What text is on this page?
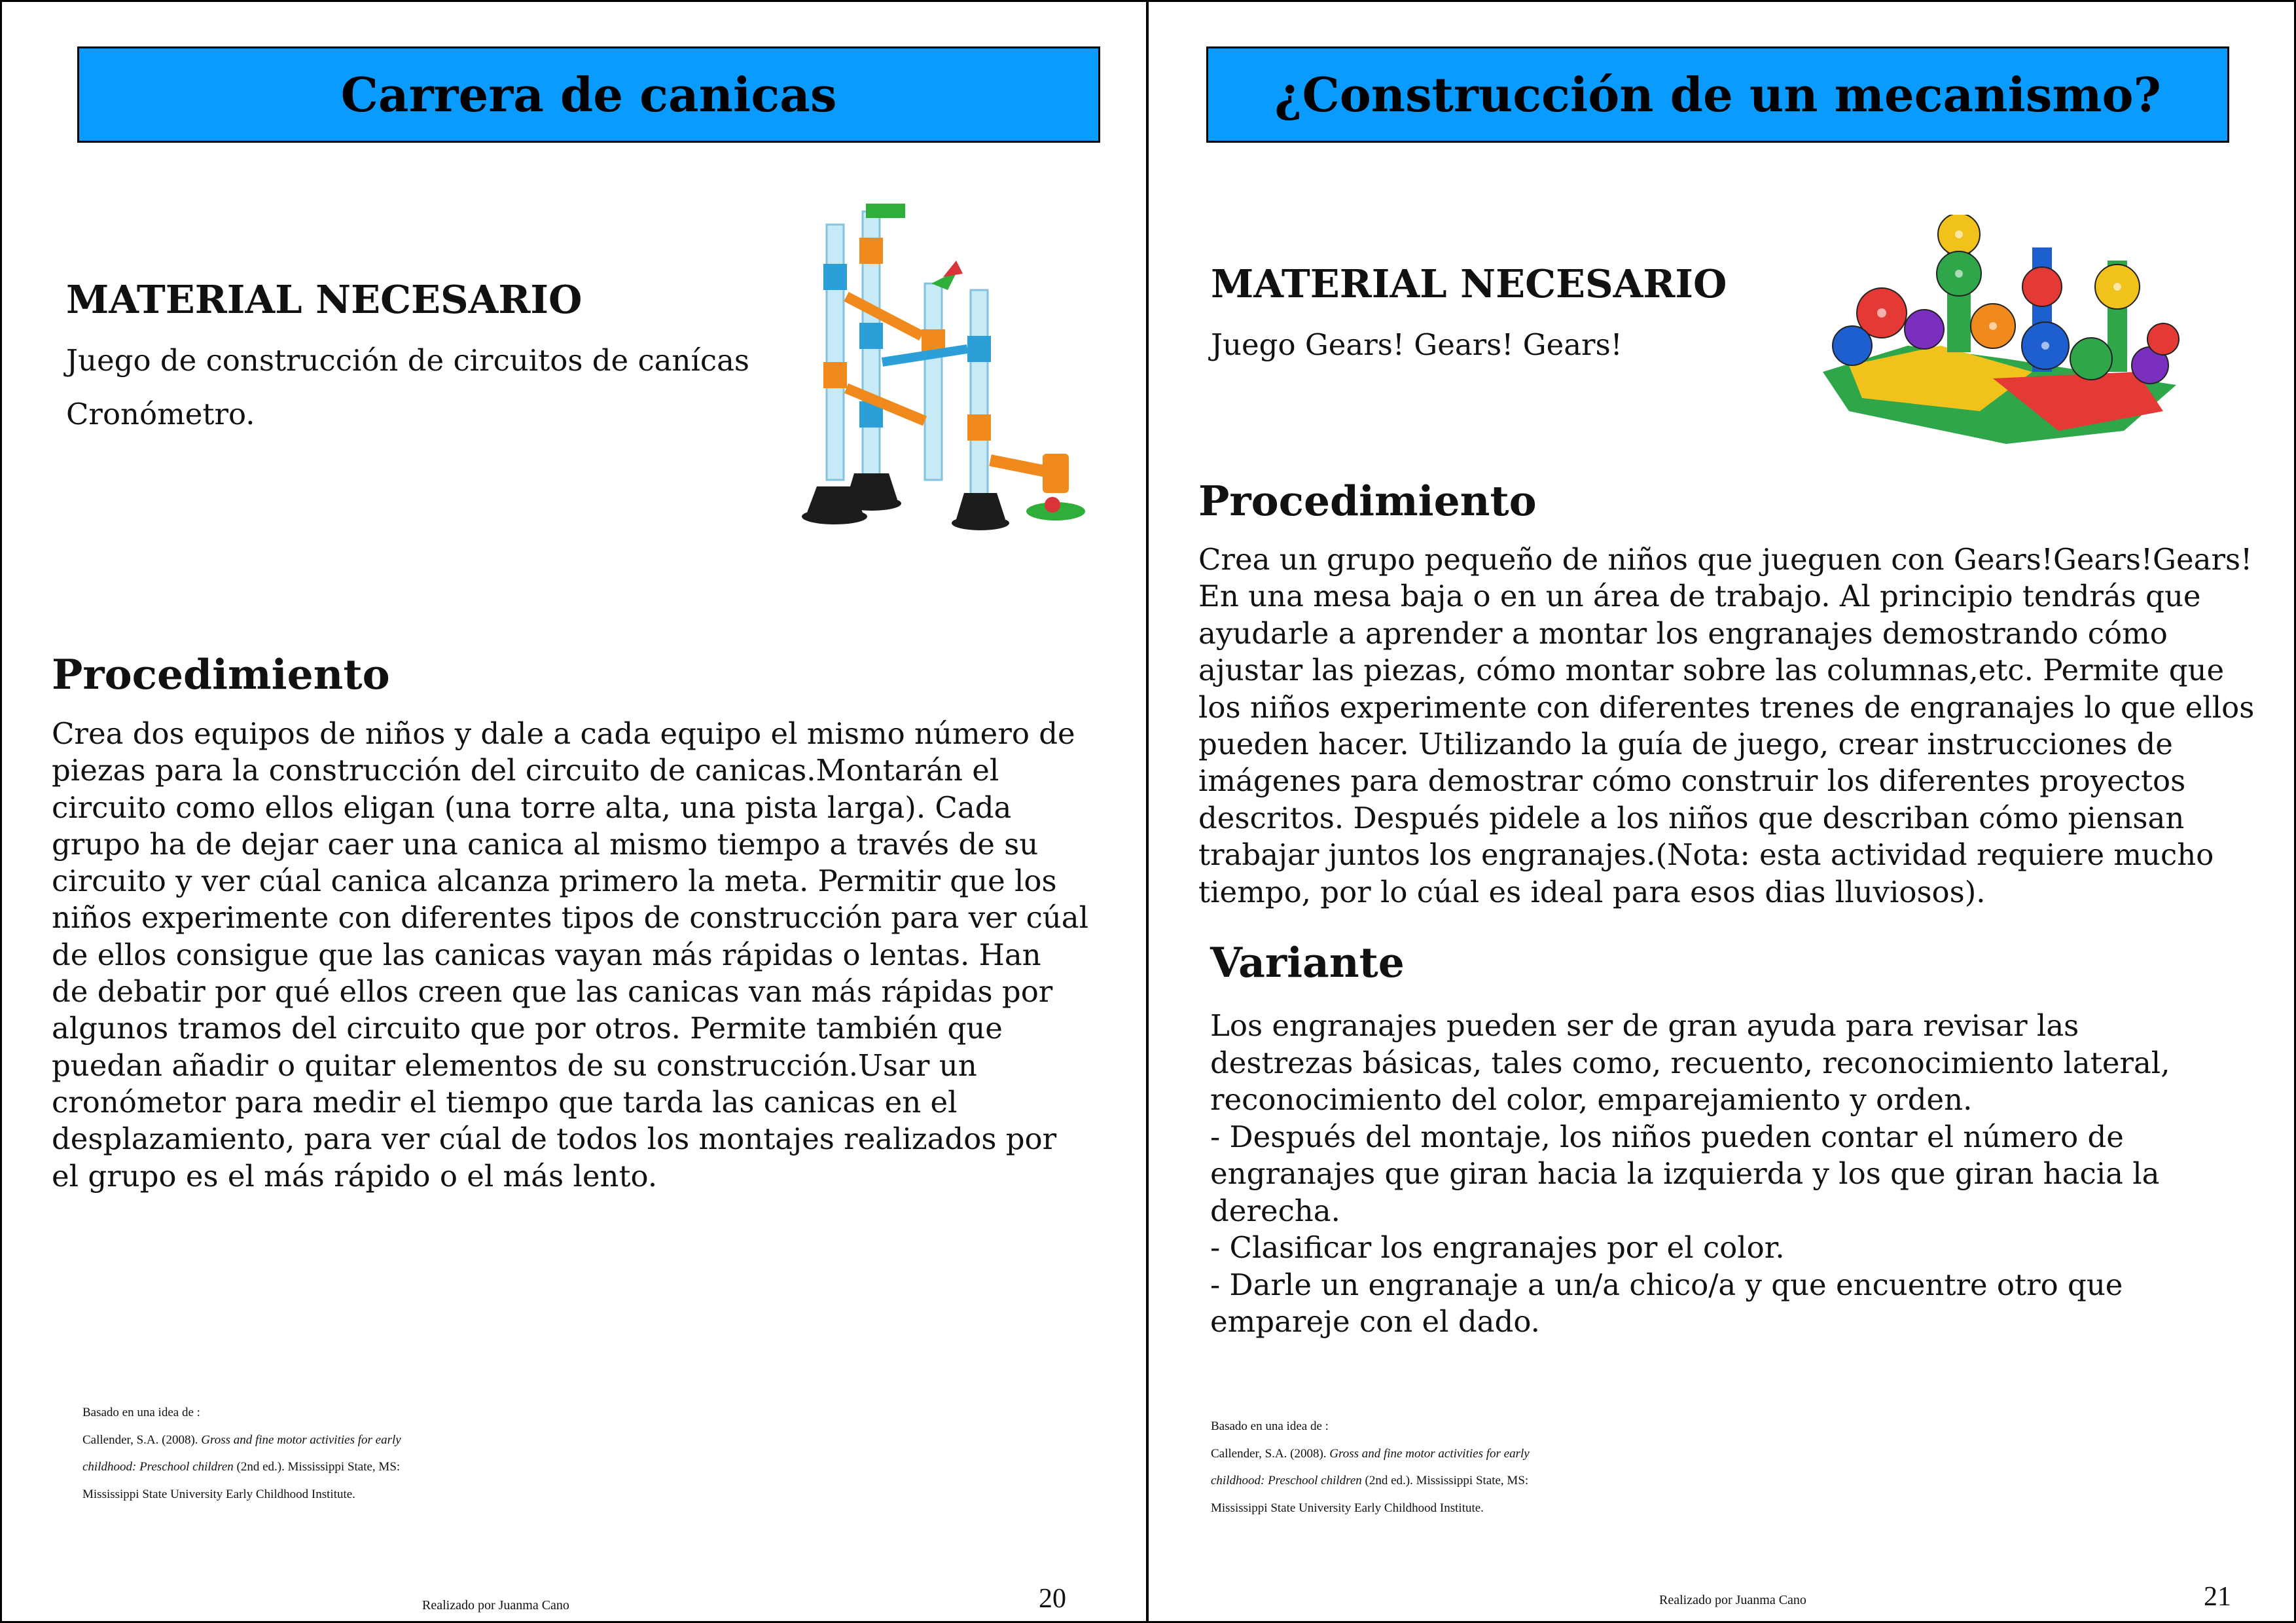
Carrera de canicas
MATERIAL NECESARIO
Juego de construcción de circuitos de canícas
Cronómetro.
Procedimiento
Crea dos equipos de niños y dale a cada equipo el mismo número de
piezas para la construcción del circuito de canicas.Montarán el
circuito como ellos eligan (una torre alta, una pista larga). Cada
grupo ha de dejar caer una canica al mismo tiempo a través de su
circuito y ver cúal canica alcanza primero la meta. Permitir que los
niños experimente con diferentes tipos de construcción para ver cúal
de ellos consigue que las canicas vayan más rápidas o lentas. Han
de debatir por qué ellos creen que las canicas van más rápidas por
algunos tramos del circuito que por otros. Permite también que
puedan añadir o quitar elementos de su construcción.Usar un
cronómetor para medir el tiempo que tarda las canicas en el
desplazamiento, para ver cúal de todos los montajes realizados por
el grupo es el más rápido o el más lento.
Basado en una idea de :
Callender, S.A. (2008). Gross and fine motor activities for early
childhood: Preschool children (2nd ed.). Mississippi State, MS:
Mississippi State University Early Childhood Institute.
Realizado por Juanma Cano	20
¿Construcción de un mecanismo?
MATERIAL NECESARIO
Juego Gears! Gears! Gears!
Procedimiento
Crea un grupo pequeño de niños que jueguen con Gears!Gears!Gears!
En una mesa baja o en un área de trabajo. Al principio tendrás que
ayudarle a aprender a montar los engranajes demostrando cómo
ajustar las piezas, cómo montar sobre las columnas,etc. Permite que
los niños experimente con diferentes trenes de engranajes lo que ellos
pueden hacer. Utilizando la guía de juego, crear instrucciones de
imágenes para demostrar cómo construir los diferentes proyectos
descritos. Después pidele a los niños que describan cómo piensan
trabajar juntos los engranajes.(Nota: esta actividad requiere mucho
tiempo, por lo cúal es ideal para esos dias lluviosos).
Variante
Los engranajes pueden ser de gran ayuda para revisar las
destrezas básicas, tales como, recuento, reconocimiento lateral,
reconocimiento del color, emparejamiento y orden.
- Después del montaje, los niños pueden contar el número de
engranajes que giran hacia la izquierda y los que giran hacia la
derecha.
- Clasificar los engranajes por el color.
- Darle un engranaje a un/a chico/a y que encuentre otro que
empareje con el dado.
Basado en una idea de :
Callender, S.A. (2008). Gross and fine motor activities for early
childhood: Preschool children (2nd ed.). Mississippi State, MS:
Mississippi State University Early Childhood Institute.
Realizado por Juanma Cano	21
